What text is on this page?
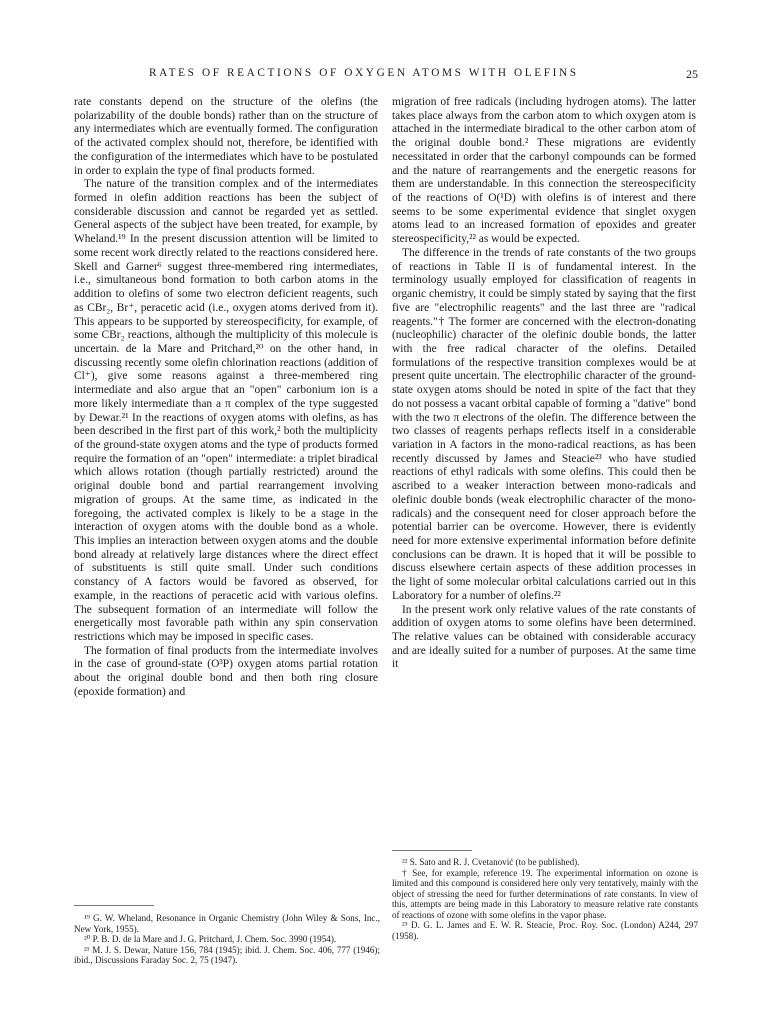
RATES OF REACTIONS OF OXYGEN ATOMS WITH OLEFINS	25

rate constants depend on the structure of the olefins (the polarizability of the double bonds) rather than on the structure of any intermediates which are eventually formed. The configuration of the activated complex should not, therefore, be identified with the configuration of the intermediates which have to be postulated in order to explain the type of final products formed.

The nature of the transition complex and of the intermediates formed in olefin addition reactions has been the subject of considerable discussion and cannot be regarded yet as settled. General aspects of the subject have been treated, for example, by Wheland.¹⁹ In the present discussion attention will be limited to some recent work directly related to the reactions considered here. Skell and Garner⁶ suggest three-membered ring intermediates, i.e., simultaneous bond formation to both carbon atoms in the addition to olefins of some two electron deficient reagents, such as CBr₂, Br⁺, peracetic acid (i.e., oxygen atoms derived from it). This appears to be supported by stereospecificity, for example, of some CBr₂ reactions, although the multiplicity of this molecule is uncertain. de la Mare and Pritchard,²⁰ on the other hand, in discussing recently some olefin chlorination reactions (addition of Cl⁺), give some reasons against a three-membered ring intermediate and also argue that an "open" carbonium ion is a more likely intermediate than a π complex of the type suggested by Dewar.²¹ In the reactions of oxygen atoms with olefins, as has been described in the first part of this work,² both the multiplicity of the ground-state oxygen atoms and the type of products formed require the formation of an "open" intermediate: a triplet biradical which allows rotation (though partially restricted) around the original double bond and partial rearrangement involving migration of groups. At the same time, as indicated in the foregoing, the activated complex is likely to be a stage in the interaction of oxygen atoms with the double bond as a whole. This implies an interaction between oxygen atoms and the double bond already at relatively large distances where the direct effect of substituents is still quite small. Under such conditions constancy of A factors would be favored as observed, for example, in the reactions of peracetic acid with various olefins. The subsequent formation of an intermediate will follow the energetically most favorable path within any spin conservation restrictions which may be imposed in specific cases.

The formation of final products from the intermediate involves in the case of ground-state (O³P) oxygen atoms partial rotation about the original double bond and then both ring closure (epoxide formation) and

migration of free radicals (including hydrogen atoms). The latter takes place always from the carbon atom to which oxygen atom is attached in the intermediate biradical to the other carbon atom of the original double bond.² These migrations are evidently necessitated in order that the carbonyl compounds can be formed and the nature of rearrangements and the energetic reasons for them are understandable. In this connection the stereospecificity of the reactions of O(¹D) with olefins is of interest and there seems to be some experimental evidence that singlet oxygen atoms lead to an increased formation of epoxides and greater stereospecificity,²² as would be expected.

The difference in the trends of rate constants of the two groups of reactions in Table II is of fundamental interest. In the terminology usually employed for classification of reagents in organic chemistry, it could be simply stated by saying that the first five are "electrophilic reagents" and the last three are "radical reagents."† The former are concerned with the electron-donating (nucleophilic) character of the olefinic double bonds, the latter with the free radical character of the olefins. Detailed formulations of the respective transition complexes would be at present quite uncertain. The electrophilic character of the ground-state oxygen atoms should be noted in spite of the fact that they do not possess a vacant orbital capable of forming a "dative" bond with the two π electrons of the olefin. The difference between the two classes of reagents perhaps reflects itself in a considerable variation in A factors in the mono-radical reactions, as has been recently discussed by James and Steacie²³ who have studied reactions of ethyl radicals with some olefins. This could then be ascribed to a weaker interaction between mono-radicals and olefinic double bonds (weak electrophilic character of the mono-radicals) and the consequent need for closer approach before the potential barrier can be overcome. However, there is evidently need for more extensive experimental information before definite conclusions can be drawn. It is hoped that it will be possible to discuss elsewhere certain aspects of these addition processes in the light of some molecular orbital calculations carried out in this Laboratory for a number of olefins.²²

In the present work only relative values of the rate constants of addition of oxygen atoms to some olefins have been determined. The relative values can be obtained with considerable accuracy and are ideally suited for a number of purposes. At the same time it

¹⁹ G. W. Wheland, Resonance in Organic Chemistry (John Wiley & Sons, Inc., New York, 1955).

²⁰ P. B. D. de la Mare and J. G. Pritchard, J. Chem. Soc. 3990 (1954).

²¹ M. J. S. Dewar, Nature 156, 784 (1945); ibid. J. Chem. Soc. 406, 777 (1946); ibid., Discussions Faraday Soc. 2, 75 (1947).

²² S. Sato and R. J. Cvetanović (to be published).

† See, for example, reference 19. The experimental information on ozone is limited and this compound is considered here only very tentatively, mainly with the object of stressing the need for further determinations of rate constants. In view of this, attempts are being made in this Laboratory to measure relative rate constants of reactions of ozone with some olefins in the vapor phase.

²³ D. G. L. James and E. W. R. Steacie, Proc. Roy. Soc. (London) A244, 297 (1958).
